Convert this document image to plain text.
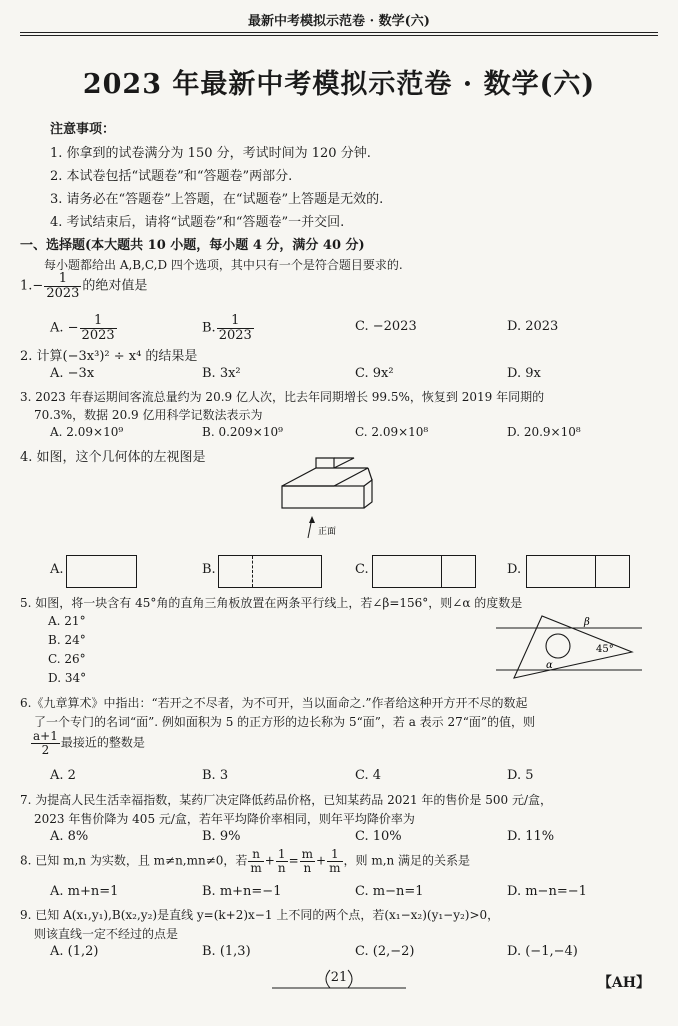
最新中考模拟示范卷 · 数学(六)
2023 年最新中考模拟示范卷 · 数学(六)
注意事项：
1. 你拿到的试卷满分为 150 分，考试时间为 120 分钟.
2. 本试卷包括“试题卷”和“答题卷”两部分.
3. 请务必在“答题卷”上答题，在“试题卷”上答题是无效的.
4. 考试结束后，请将“试题卷”和“答题卷”一并交回.
一、选择题(本大题共 10 小题，每小题 4 分，满分 40 分)
每小题都给出 A,B,C,D 四个选项，其中只有一个是符合题目要求的.
$1.- \frac{1}{2023}$ 的绝对值是
A. − $\frac{1}{2023}$	B. $\frac{1}{2023}$	C. −2023	D. 2023
2. 计算(−3x³)² ÷ x⁴ 的结果是
A. −3x	B. 3x²	C. 9x²	D. 9x
3. 2023 年春运期间客流总量约为 20.9 亿人次，比去年同期增长 99.5%，恢复到 2019 年同期的
70.3%，数据 20.9 亿用科学记数法表示为
A. 2.09×10⁹	B. 0.209×10⁹	C. 2.09×10⁸	D. 20.9×10⁸
4. 如图，这个几何体的左视图是
正面
A.	B.	C.	D.
5. 如图，将一块含有 45°角的直角三角板放置在两条平行线上，若∠β=156°，则∠α 的度数是
A. 21°
B. 24°
C. 26°
D. 34°
β
α
45°
6.《九章算术》中指出：“若开之不尽者，为不可开，当以面命之.”作者给这种开方开不尽的数起
了一个专门的名词“面”. 例如面积为 5 的正方形的边长称为 5“面”，若 a 表示 27“面”的值，则
$\frac{a+1}{2}$ 最接近的整数是
A. 2	B. 3	C. 4	D. 5
7. 为提高人民生活幸福指数，某药厂决定降低药品价格，已知某药品 2021 年的售价是 500 元/盒，
2023 年售价降为 405 元/盒，若年平均降价率相同，则年平均降价率为
A. 8%	B. 9%	C. 10%	D. 11%
8. 已知 m,n 为实数，且 m≠n,mn≠0，若 $\frac{n}{m} + \frac{1}{n} = \frac{m}{n} + \frac{1}{m}$ ，则 m,n 满足的关系是
A. m+n=1	B. m+n=−1	C. m−n=1	D. m−n=−1
9. 已知 A(x₁,y₁),B(x₂,y₂)是直线 y=(k+2)x−1 上不同的两个点，若(x₁−x₂)(y₁−y₂)>0，
则该直线一定不经过的点是
A. (1,2)	B. (1,3)	C. (2,−2)	D. (−1,−4)
21	【AH】
